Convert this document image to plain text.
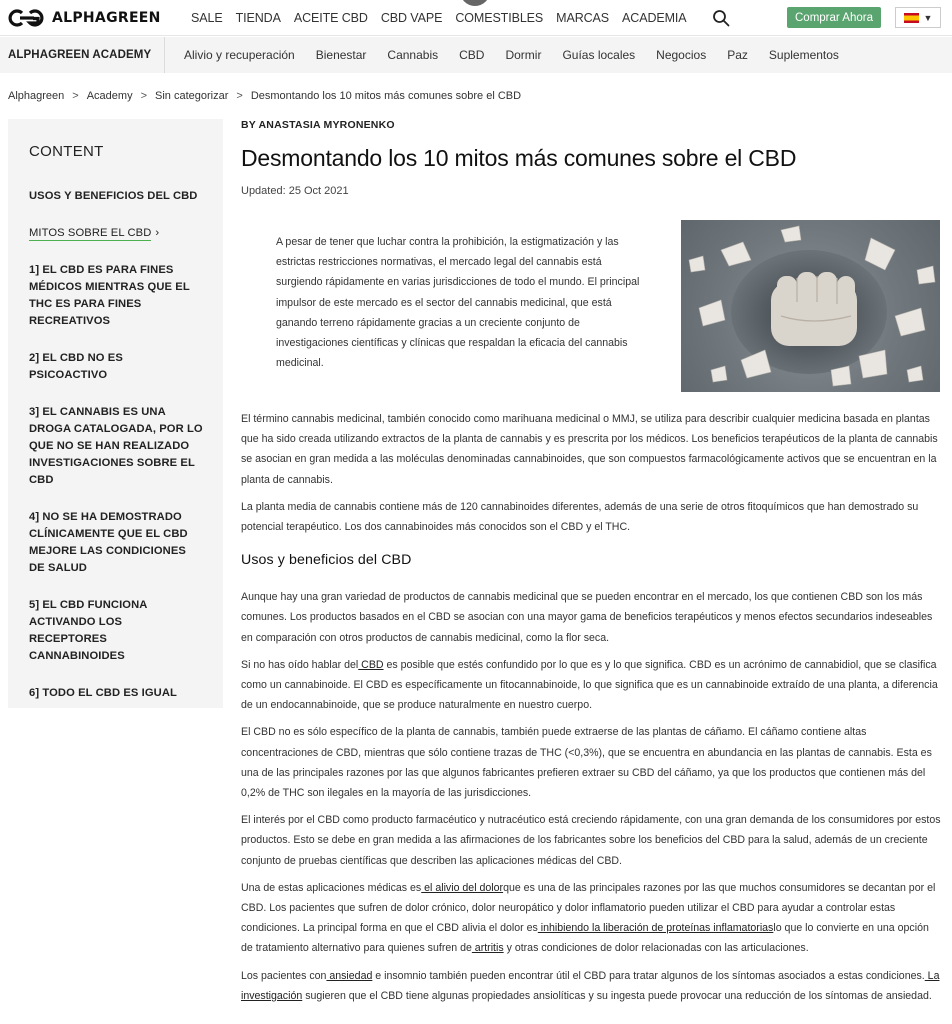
ALPHAGREEN SALE TIENDA ACEITE CBD CBD VAPE COMESTIBLES MARCAS ACADEMIA	Comprar Ahora	▼
ALPHAGREEN ACADEMY	Alivio y recuperación Bienestar Cannabis CBD Dormir Guías locales Negocios Paz Suplementos
Alphagreen > Academy > Sin categorizar > Desmontando los 10 mitos más comunes sobre el CBD
CONTENT
USOS Y BENEFICIOS DEL CBD
MITOS SOBRE EL CBD ›
1] EL CBD ES PARA FINES MÉDICOS MIENTRAS QUE EL THC ES PARA FINES RECREATIVOS
2] EL CBD NO ES PSICOACTIVO
3] EL CANNABIS ES UNA DROGA CATALOGADA, POR LO QUE NO SE HAN REALIZADO INVESTIGACIONES SOBRE EL CBD
4] NO SE HA DEMOSTRADO CLÍNICAMENTE QUE EL CBD MEJORE LAS CONDICIONES DE SALUD
5] EL CBD FUNCIONA ACTIVANDO LOS RECEPTORES CANNABINOIDES
6] TODO EL CBD ES IGUAL
BY ANASTASIA MYRONENKO
Desmontando los 10 mitos más comunes sobre el CBD
Updated: 25 Oct 2021

A pesar de tener que luchar contra la prohibición, la estigmatización y las estrictas restricciones normativas, el mercado legal del cannabis está surgiendo rápidamente en varias jurisdicciones de todo el mundo. El principal impulsor de este mercado es el sector del cannabis medicinal, que está ganando terreno rápidamente gracias a un creciente conjunto de investigaciones científicas y clínicas que respaldan la eficacia del cannabis medicinal.

El término cannabis medicinal, también conocido como marihuana medicinal o MMJ, se utiliza para describir cualquier medicina basada en plantas que ha sido creada utilizando extractos de la planta de cannabis y es prescrita por los médicos. Los beneficios terapéuticos de la planta de cannabis se asocian en gran medida a las moléculas denominadas cannabinoides, que son compuestos farmacológicamente activos que se encuentran en la planta de cannabis.

La planta media de cannabis contiene más de 120 cannabinoides diferentes, además de una serie de otros fitoquímicos que han demostrado su potencial terapéutico. Los dos cannabinoides más conocidos son el CBD y el THC.

Usos y beneficios del CBD

Aunque hay una gran variedad de productos de cannabis medicinal que se pueden encontrar en el mercado, los que contienen CBD son los más comunes. Los productos basados en el CBD se asocian con una mayor gama de beneficios terapéuticos y menos efectos secundarios indeseables en comparación con otros productos de cannabis medicinal, como la flor seca.

Si no has oído hablar del CBD es posible que estés confundido por lo que es y lo que significa. CBD es un acrónimo de cannabidiol, que se clasifica como un cannabinoide. El CBD es específicamente un fitocannabinoide, lo que significa que es un cannabinoide extraído de una planta, a diferencia de un endocannabinoide, que se produce naturalmente en nuestro cuerpo.

El CBD no es sólo específico de la planta de cannabis, también puede extraerse de las plantas de cáñamo. El cáñamo contiene altas concentraciones de CBD, mientras que sólo contiene trazas de THC (<0,3%), que se encuentra en abundancia en las plantas de cannabis. Esta es una de las principales razones por las que algunos fabricantes prefieren extraer su CBD del cáñamo, ya que los productos que contienen más del 0,2% de THC son ilegales en la mayoría de las jurisdicciones.

El interés por el CBD como producto farmacéutico y nutracéutico está creciendo rápidamente, con una gran demanda de los consumidores por estos productos. Esto se debe en gran medida a las afirmaciones de los fabricantes sobre los beneficios del CBD para la salud, además de un creciente conjunto de pruebas científicas que describen las aplicaciones médicas del CBD.

Una de estas aplicaciones médicas es el alivio del dolorque es una de las principales razones por las que muchos consumidores se decantan por el CBD. Los pacientes que sufren de dolor crónico, dolor neuropático y dolor inflamatorio pueden utilizar el CBD para ayudar a controlar estas condiciones. La principal forma en que el CBD alivia el dolor es inhibiendo la liberación de proteínas inflamatoriaslo que lo convierte en una opción de tratamiento alternativo para quienes sufren de artritis y otras condiciones de dolor relacionadas con las articulaciones.

Los pacientes con ansiedad e insomnio también pueden encontrar útil el CBD para tratar algunos de los síntomas asociados a estas condiciones. La investigación sugieren que el CBD tiene algunas propiedades ansiolíticas y su ingesta puede provocar una reducción de los síntomas de ansiedad.
